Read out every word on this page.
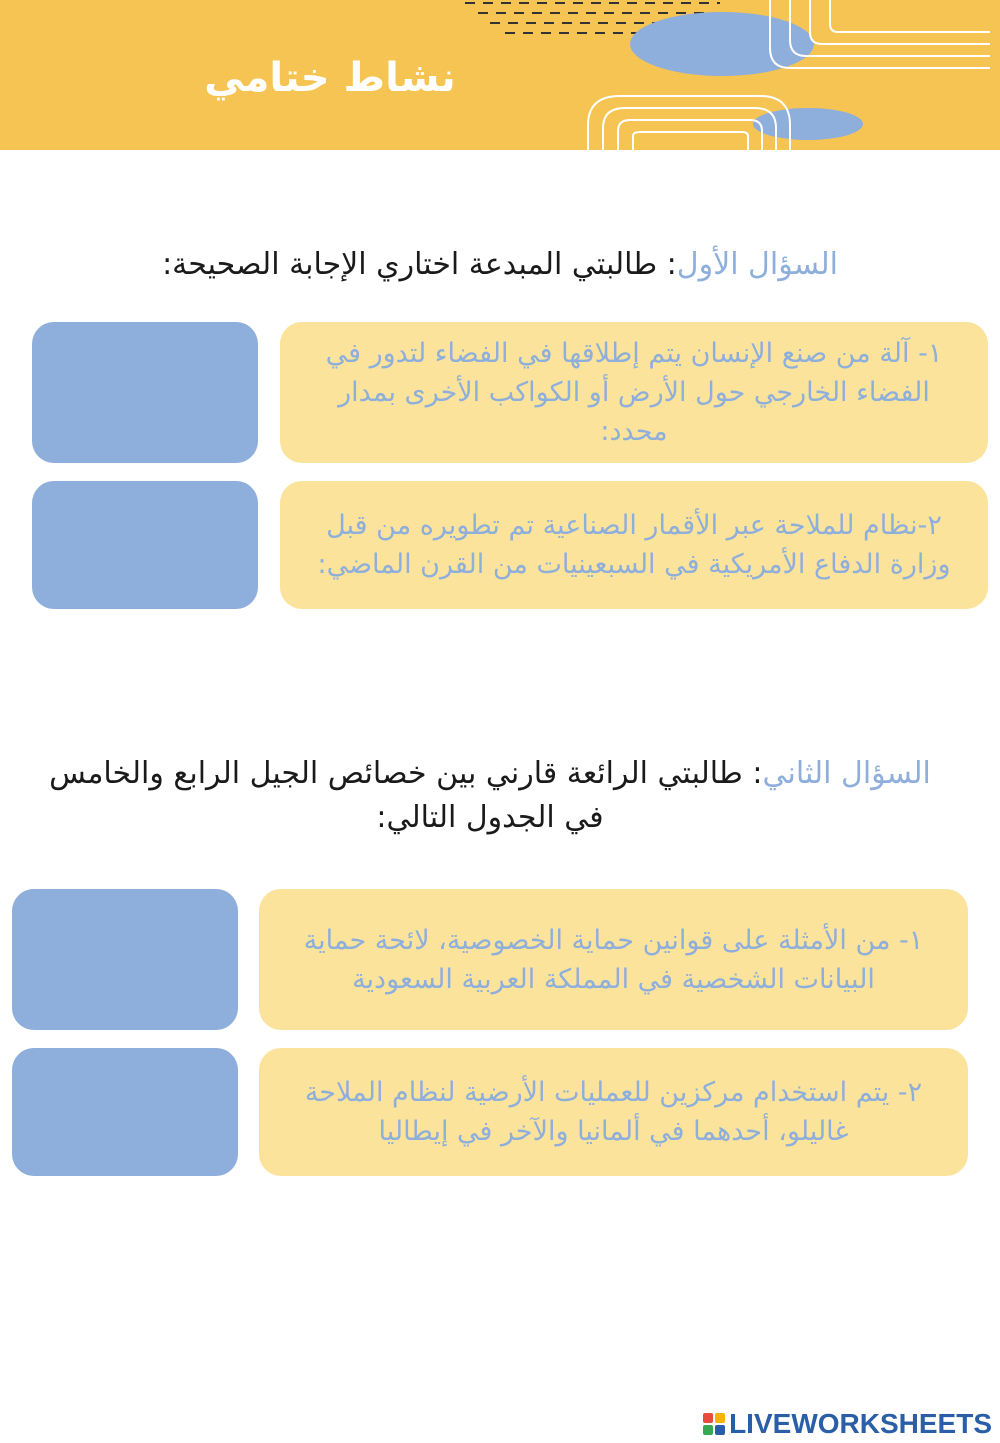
نشاط ختامي
السؤال الأول: طالبتي المبدعة اختاري الإجابة الصحيحة:
١- آلة من صنع الإنسان يتم إطلاقها في الفضاء لتدور في الفضاء الخارجي حول الأرض أو الكواكب الأخرى بمدار محدد:
٢-نظام للملاحة عبر الأقمار الصناعية تم تطويره من قبل وزارة الدفاع الأمريكية في السبعينيات من القرن الماضي:
السؤال الثاني: طالبتي الرائعة قارني بين خصائص الجيل الرابع والخامس في الجدول التالي:
١- من الأمثلة على قوانين حماية الخصوصية، لائحة حماية البيانات الشخصية في المملكة العربية السعودية
٢- يتم استخدام مركزين للعمليات الأرضية لنظام الملاحة غاليلو، أحدهما في ألمانيا والآخر في إيطاليا
LIVEWORKSHEETS
